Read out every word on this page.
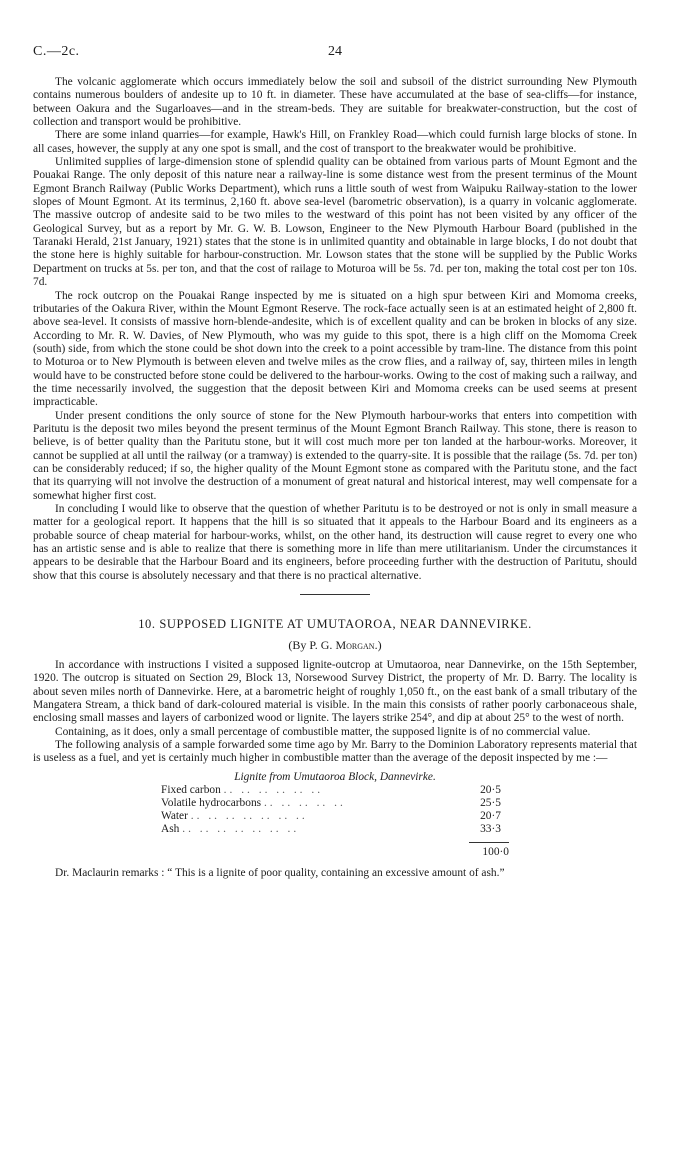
C.—2c.	24

The volcanic agglomerate which occurs immediately below the soil and subsoil of the district surrounding New Plymouth contains numerous boulders of andesite up to 10 ft. in diameter. These have accumulated at the base of sea-cliffs—for instance, between Oakura and the Sugarloaves—and in the stream-beds. They are suitable for breakwater-construction, but the cost of collection and transport would be prohibitive.

There are some inland quarries—for example, Hawk's Hill, on Frankley Road—which could furnish large blocks of stone. In all cases, however, the supply at any one spot is small, and the cost of transport to the breakwater would be prohibitive.

Unlimited supplies of large-dimension stone of splendid quality can be obtained from various parts of Mount Egmont and the Pouakai Range. The only deposit of this nature near a railway-line is some distance west from the present terminus of the Mount Egmont Branch Railway (Public Works Department), which runs a little south of west from Waipuku Railway-station to the lower slopes of Mount Egmont. At its terminus, 2,160 ft. above sea-level (barometric observation), is a quarry in volcanic agglomerate. The massive outcrop of andesite said to be two miles to the westward of this point has not been visited by any officer of the Geological Survey, but as a report by Mr. G. W. B. Lowson, Engineer to the New Plymouth Harbour Board (published in the Taranaki Herald, 21st January, 1921) states that the stone is in unlimited quantity and obtainable in large blocks, I do not doubt that the stone here is highly suitable for harbour-construction. Mr. Lowson states that the stone will be supplied by the Public Works Department on trucks at 5s. per ton, and that the cost of railage to Moturoa will be 5s. 7d. per ton, making the total cost per ton 10s. 7d.

The rock outcrop on the Pouakai Range inspected by me is situated on a high spur between Kiri and Momoma creeks, tributaries of the Oakura River, within the Mount Egmont Reserve. The rock-face actually seen is at an estimated height of 2,800 ft. above sea-level. It consists of massive horn-blende-andesite, which is of excellent quality and can be broken in blocks of any size. According to Mr. R. W. Davies, of New Plymouth, who was my guide to this spot, there is a high cliff on the Momoma Creek (south) side, from which the stone could be shot down into the creek to a point accessible by tram-line. The distance from this point to Moturoa or to New Plymouth is between eleven and twelve miles as the crow flies, and a railway of, say, thirteen miles in length would have to be constructed before stone could be delivered to the harbour-works. Owing to the cost of making such a railway, and the time necessarily involved, the suggestion that the deposit between Kiri and Momoma creeks can be used seems at present impracticable.

Under present conditions the only source of stone for the New Plymouth harbour-works that enters into competition with Paritutu is the deposit two miles beyond the present terminus of the Mount Egmont Branch Railway. This stone, there is reason to believe, is of better quality than the Paritutu stone, but it will cost much more per ton landed at the harbour-works. Moreover, it cannot be supplied at all until the railway (or a tramway) is extended to the quarry-site. It is possible that the railage (5s. 7d. per ton) can be considerably reduced; if so, the higher quality of the Mount Egmont stone as compared with the Paritutu stone, and the fact that its quarrying will not involve the destruction of a monument of great natural and historical interest, may well compensate for a somewhat higher first cost.

In concluding I would like to observe that the question of whether Paritutu is to be destroyed or not is only in small measure a matter for a geological report. It happens that the hill is so situated that it appeals to the Harbour Board and its engineers as a probable source of cheap material for harbour-works, whilst, on the other hand, its destruction will cause regret to every one who has an artistic sense and is able to realize that there is something more in life than mere utilitarianism. Under the circumstances it appears to be desirable that the Harbour Board and its engineers, before proceeding further with the destruction of Paritutu, should show that this course is absolutely necessary and that there is no practical alternative.

10. SUPPOSED LIGNITE AT UMUTAOROA, NEAR DANNEVIRKE.
(By P. G. Morgan.)

In accordance with instructions I visited a supposed lignite-outcrop at Umutaoroa, near Dannevirke, on the 15th September, 1920. The outcrop is situated on Section 29, Block 13, Norsewood Survey District, the property of Mr. D. Barry. The locality is about seven miles north of Dannevirke. Here, at a barometric height of roughly 1,050 ft., on the east bank of a small tributary of the Mangatera Stream, a thick band of dark-coloured material is visible. In the main this consists of rather poorly carbonaceous shale, enclosing small masses and layers of carbonized wood or lignite. The layers strike 254°, and dip at about 25° to the west of north.

Containing, as it does, only a small percentage of combustible matter, the supposed lignite is of no commercial value.

The following analysis of a sample forwarded some time ago by Mr. Barry to the Dominion Laboratory represents material that is useless as a fuel, and yet is certainly much higher in combustible matter than the average of the deposit inspected by me :—

Lignite from Umutaoroa Block, Dannevirke.
Fixed carbon .. .. .. .. .. ..	20·5
Volatile hydrocarbons .. .. .. .. ..	25·5
Water .. .. .. .. .. .. ..	20·7
Ash .. .. .. .. .. .. ..	33·3
100·0

Dr. Maclaurin remarks : “ This is a lignite of poor quality, containing an excessive amount of ash.”
